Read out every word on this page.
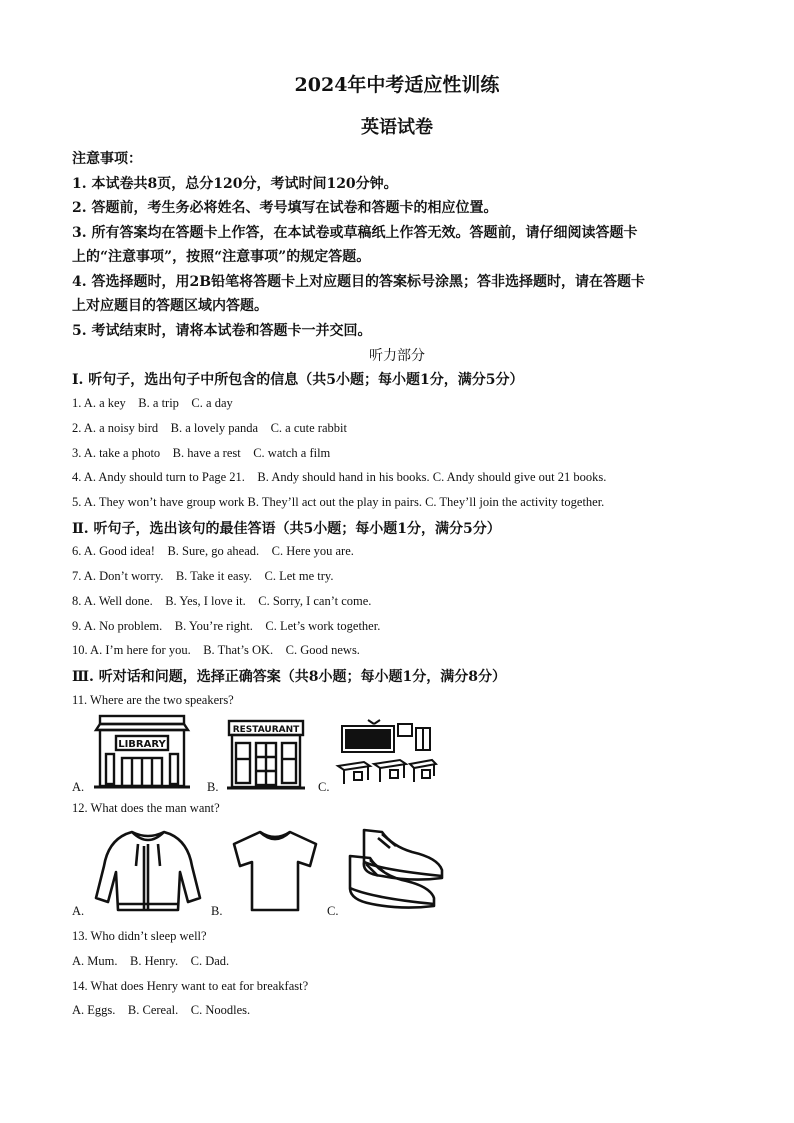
2024年中考适应性训练
英语试卷
注意事项：
1. 本试卷共8页，总分120分，考试时间120分钟。
2. 答题前，考生务必将姓名、考号填写在试卷和答题卡的相应位置。
3. 所有答案均在答题卡上作答，在本试卷或草稿纸上作答无效。答题前，请仔细阅读答题卡
上的“注意事项”，按照“注意事项”的规定答题。
4. 答选择题时，用2B铅笔将答题卡上对应题目的答案标号涂黑；答非选择题时，请在答题卡
上对应题目的答题区域内答题。
5. 考试结束时，请将本试卷和答题卡一并交回。
听力部分
Ⅰ. 听句子，选出句子中所包含的信息（共5小题；每小题1分，满分5分）
1. A. a key    B. a trip    C. a day
2. A. a noisy bird    B. a lovely panda    C. a cute rabbit
3. A. take a photo    B. have a rest    C. watch a film
4. A. Andy should turn to Page 21.    B. Andy should hand in his books. C. Andy should give out 21 books.
5. A. They won’t have group work B. They’ll act out the play in pairs. C. They’ll join the activity together.
Ⅱ. 听句子，选出该句的最佳答语（共5小题；每小题1分，满分5分）
6. A. Good idea!    B. Sure, go ahead.    C. Here you are.
7. A. Don’t worry.    B. Take it easy.    C. Let me try.
8. A. Well done.    B. Yes, I love it.    C. Sorry, I can’t come.
9. A. No problem.    B. You’re right.    C. Let’s work together.
10. A. I’m here for you.    B. That’s OK.    C. Good news.
Ⅲ. 听对话和问题，选择正确答案（共8小题；每小题1分，满分8分）
11. Where are the two speakers?
A.
LIBRARY
B.
RESTAURANT
C.
12. What does the man want?
A.	B.	C.
13. Who didn’t sleep well?
A. Mum.    B. Henry.    C. Dad.
14. What does Henry want to eat for breakfast?
A. Eggs.    B. Cereal.    C. Noodles.
